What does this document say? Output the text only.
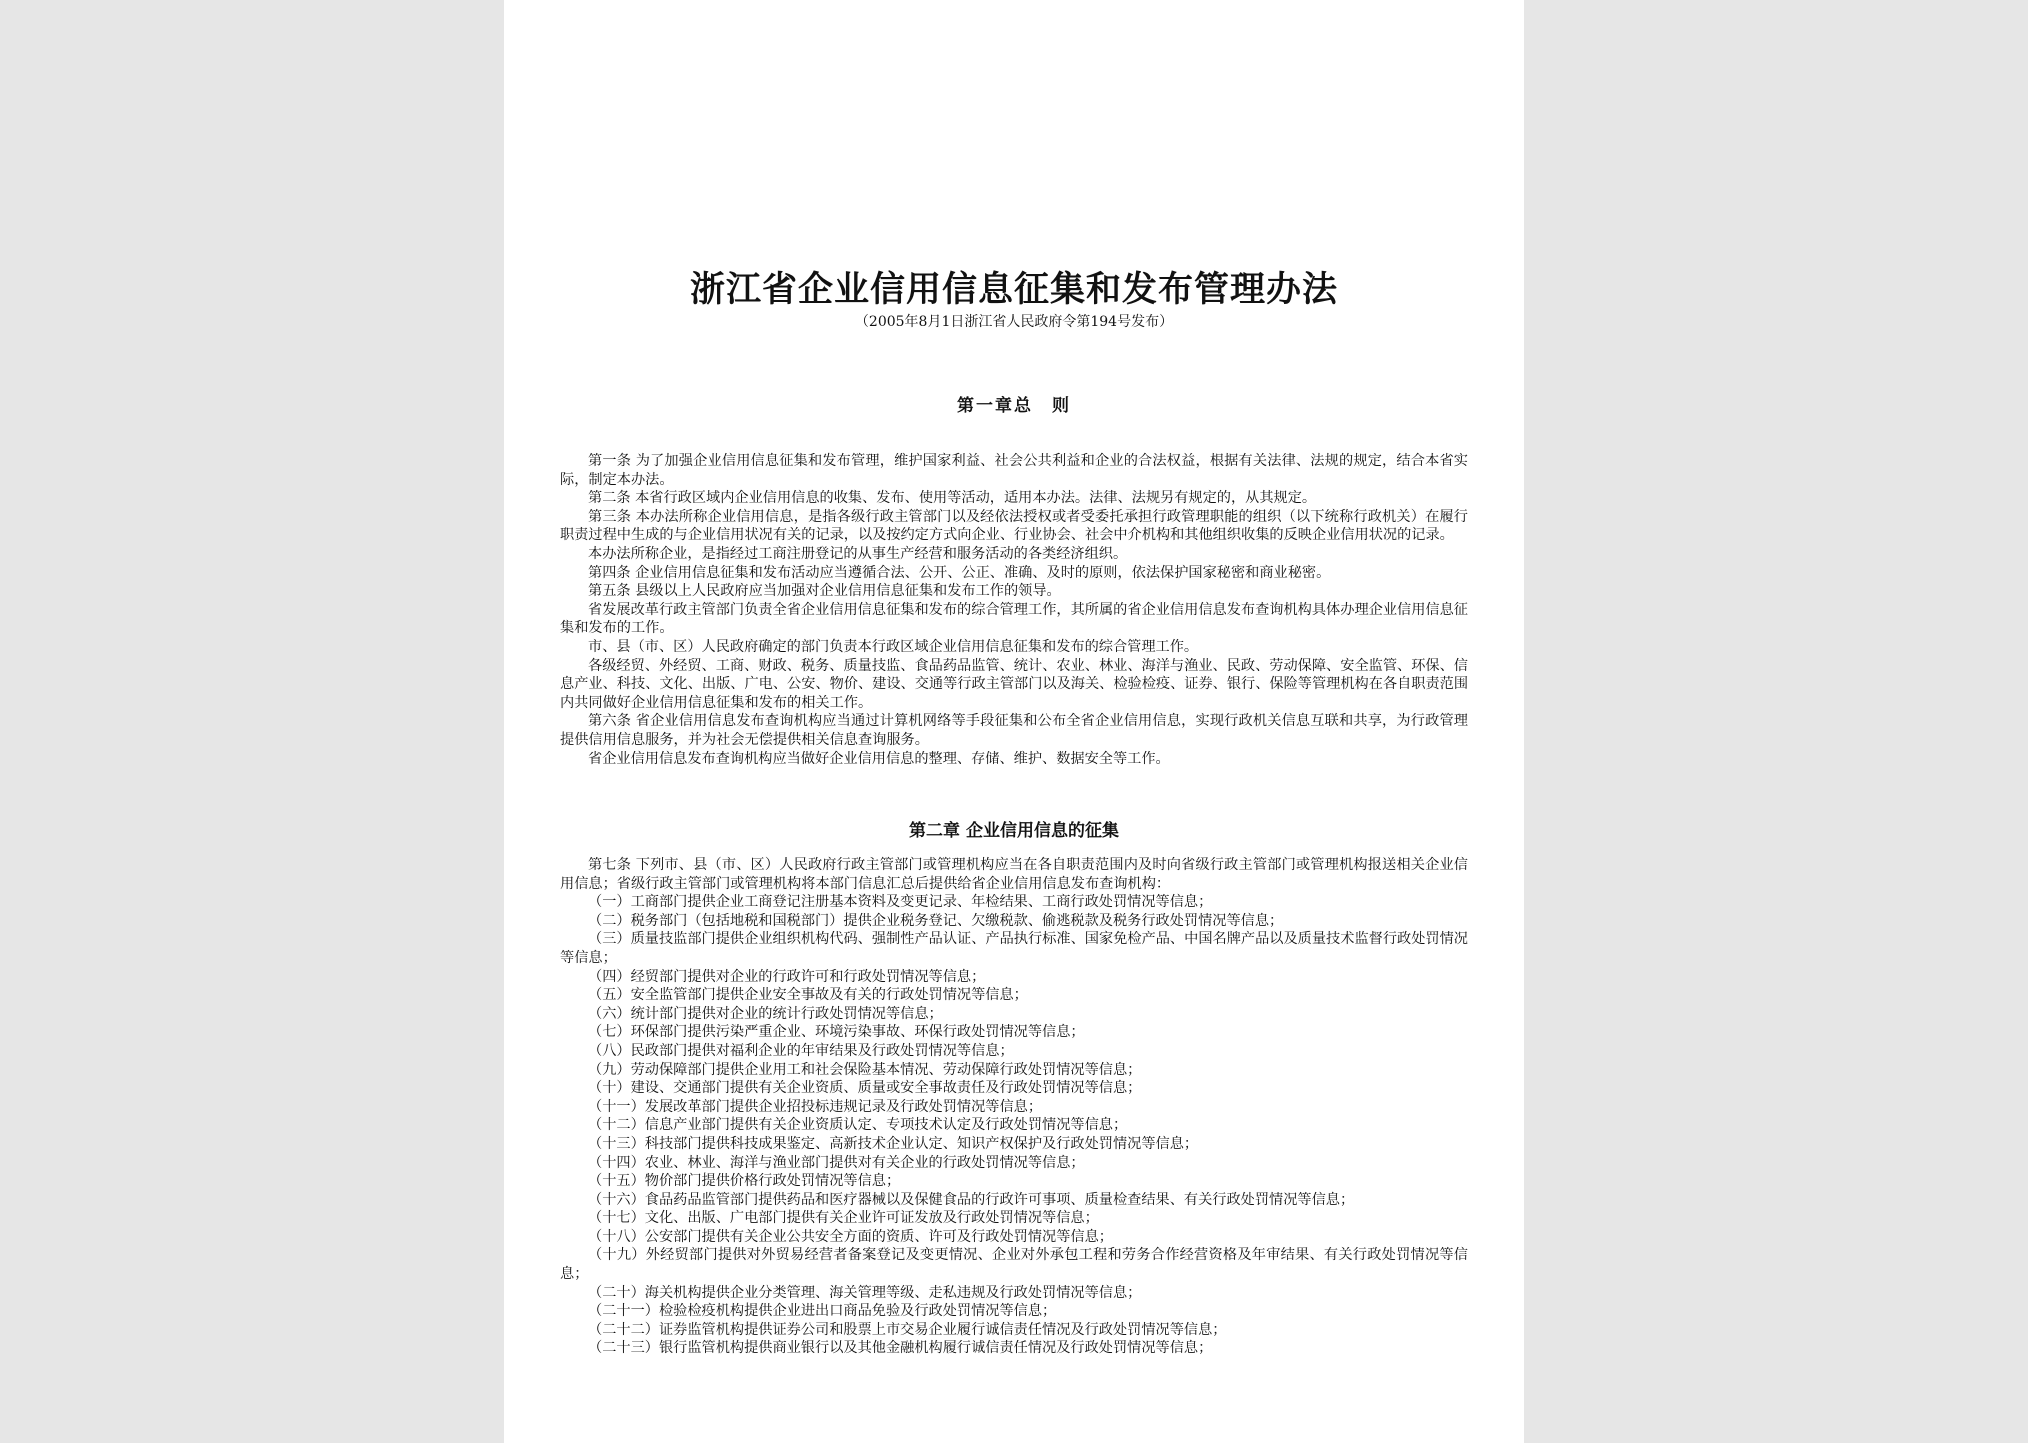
浙江省企业信用信息征集和发布管理办法
（2005年8月1日浙江省人民政府令第194号发布）
第一章总　则

第一条 为了加强企业信用信息征集和发布管理，维护国家利益、社会公共利益和企业的合法权益，根据有关法律、法规的规定，结合本省实际，制定本办法。

第二条 本省行政区域内企业信用信息的收集、发布、使用等活动，适用本办法。法律、法规另有规定的，从其规定。

第三条 本办法所称企业信用信息，是指各级行政主管部门以及经依法授权或者受委托承担行政管理职能的组织（以下统称行政机关）在履行职责过程中生成的与企业信用状况有关的记录，以及按约定方式向企业、行业协会、社会中介机构和其他组织收集的反映企业信用状况的记录。

本办法所称企业，是指经过工商注册登记的从事生产经营和服务活动的各类经济组织。

第四条 企业信用信息征集和发布活动应当遵循合法、公开、公正、准确、及时的原则，依法保护国家秘密和商业秘密。

第五条 县级以上人民政府应当加强对企业信用信息征集和发布工作的领导。

省发展改革行政主管部门负责全省企业信用信息征集和发布的综合管理工作，其所属的省企业信用信息发布查询机构具体办理企业信用信息征集和发布的工作。

市、县（市、区）人民政府确定的部门负责本行政区域企业信用信息征集和发布的综合管理工作。

各级经贸、外经贸、工商、财政、税务、质量技监、食品药品监管、统计、农业、林业、海洋与渔业、民政、劳动保障、安全监管、环保、信息产业、科技、文化、出版、广电、公安、物价、建设、交通等行政主管部门以及海关、检验检疫、证券、银行、保险等管理机构在各自职责范围内共同做好企业信用信息征集和发布的相关工作。

第六条 省企业信用信息发布查询机构应当通过计算机网络等手段征集和公布全省企业信用信息，实现行政机关信息互联和共享，为行政管理提供信用信息服务，并为社会无偿提供相关信息查询服务。

省企业信用信息发布查询机构应当做好企业信用信息的整理、存储、维护、数据安全等工作。

第二章 企业信用信息的征集

第七条 下列市、县（市、区）人民政府行政主管部门或管理机构应当在各自职责范围内及时向省级行政主管部门或管理机构报送相关企业信用信息；省级行政主管部门或管理机构将本部门信息汇总后提供给省企业信用信息发布查询机构：

（一）工商部门提供企业工商登记注册基本资料及变更记录、年检结果、工商行政处罚情况等信息；

（二）税务部门（包括地税和国税部门）提供企业税务登记、欠缴税款、偷逃税款及税务行政处罚情况等信息；

（三）质量技监部门提供企业组织机构代码、强制性产品认证、产品执行标准、国家免检产品、中国名牌产品以及质量技术监督行政处罚情况等信息；

（四）经贸部门提供对企业的行政许可和行政处罚情况等信息；

（五）安全监管部门提供企业安全事故及有关的行政处罚情况等信息；

（六）统计部门提供对企业的统计行政处罚情况等信息；

（七）环保部门提供污染严重企业、环境污染事故、环保行政处罚情况等信息；

（八）民政部门提供对福利企业的年审结果及行政处罚情况等信息；

（九）劳动保障部门提供企业用工和社会保险基本情况、劳动保障行政处罚情况等信息；

（十）建设、交通部门提供有关企业资质、质量或安全事故责任及行政处罚情况等信息；

（十一）发展改革部门提供企业招投标违规记录及行政处罚情况等信息；

（十二）信息产业部门提供有关企业资质认定、专项技术认定及行政处罚情况等信息；

（十三）科技部门提供科技成果鉴定、高新技术企业认定、知识产权保护及行政处罚情况等信息；

（十四）农业、林业、海洋与渔业部门提供对有关企业的行政处罚情况等信息；

（十五）物价部门提供价格行政处罚情况等信息；

（十六）食品药品监管部门提供药品和医疗器械以及保健食品的行政许可事项、质量检查结果、有关行政处罚情况等信息；

（十七）文化、出版、广电部门提供有关企业许可证发放及行政处罚情况等信息；

（十八）公安部门提供有关企业公共安全方面的资质、许可及行政处罚情况等信息；

（十九）外经贸部门提供对外贸易经营者备案登记及变更情况、企业对外承包工程和劳务合作经营资格及年审结果、有关行政处罚情况等信息；

（二十）海关机构提供企业分类管理、海关管理等级、走私违规及行政处罚情况等信息；

（二十一）检验检疫机构提供企业进出口商品免验及行政处罚情况等信息；

（二十二）证券监管机构提供证券公司和股票上市交易企业履行诚信责任情况及行政处罚情况等信息；

（二十三）银行监管机构提供商业银行以及其他金融机构履行诚信责任情况及行政处罚情况等信息；
